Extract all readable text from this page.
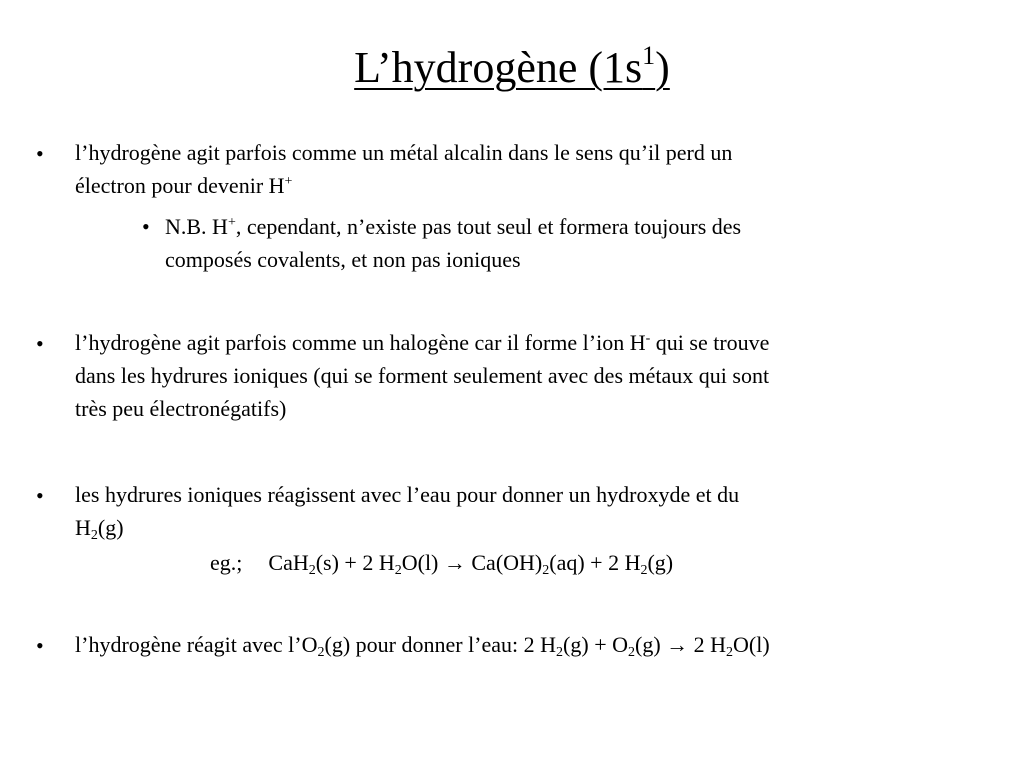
L’hydrogène $(1s^1)$
• l’hydrogène agit parfois comme un métal alcalin dans le sens qu’il perd un
électron pour devenir H+
• N.B. H+, cependant, n’existe pas tout seul et formera toujours des
composés covalents, et non pas ioniques
• l’hydrogène agit parfois comme un halogène car il forme l’ion H- qui se trouve
dans les hydrures ioniques (qui se forment seulement avec des métaux qui sont
très peu électronégatifs)
• les hydrures ioniques réagissent avec l’eau pour donner un hydroxyde et du
$H_2(g)$
eg.; CaH$_2$(s) + 2 $H_2O(l) \to Ca(OH)_2(aq) + 2$ $H_2(g)$
• l’hydrogène réagit avec $l’O_2(g)$ pour donner l’eau: 2 $H_2(g) + O_2(g) \to 2$ $H_2O(l)$
